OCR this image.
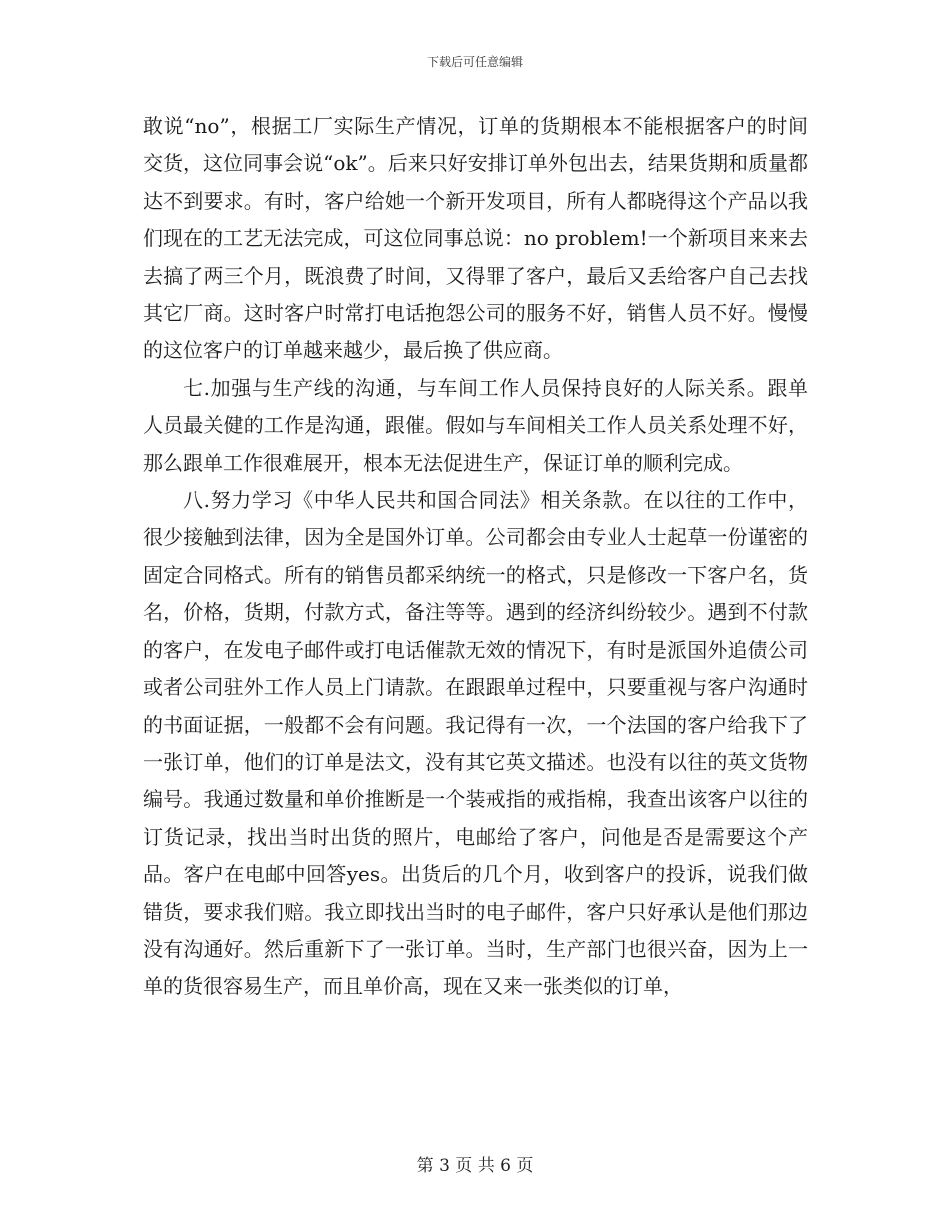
下载后可任意编辑

敢说“no”，根据工厂实际生产情况，订单的货期根本不能根据客户的时间交货，这位同事会说“ok”。后来只好安排订单外包出去，结果货期和质量都达不到要求。有时，客户给她一个新开发项目，所有人都晓得这个产品以我们现在的工艺无法完成，可这位同事总说：no problem!一个新项目来来去去搞了两三个月，既浪费了时间，又得罪了客户，最后又丢给客户自己去找其它厂商。这时客户时常打电话抱怨公司的服务不好，销售人员不好。慢慢的这位客户的订单越来越少，最后换了供应商。

七.加强与生产线的沟通，与车间工作人员保持良好的人际关系。跟单人员最关健的工作是沟通，跟催。假如与车间相关工作人员关系处理不好，那么跟单工作很难展开，根本无法促进生产，保证订单的顺利完成。

八.努力学习《中华人民共和国合同法》相关条款。在以往的工作中，很少接触到法律，因为全是国外订单。公司都会由专业人士起草一份谨密的固定合同格式。所有的销售员都采纳统一的格式，只是修改一下客户名，货名，价格，货期，付款方式，备注等等。遇到的经济纠纷较少。遇到不付款的客户，在发电子邮件或打电话催款无效的情况下，有时是派国外追债公司或者公司驻外工作人员上门请款。在跟跟单过程中，只要重视与客户沟通时的书面证据，一般都不会有问题。我记得有一次，一个法国的客户给我下了一张订单，他们的订单是法文，没有其它英文描述。也没有以往的英文货物编号。我通过数量和单价推断是一个装戒指的戒指棉，我查出该客户以往的订货记录，找出当时出货的照片，电邮给了客户，问他是否是需要这个产品。客户在电邮中回答yes。出货后的几个月，收到客户的投诉，说我们做错货，要求我们赔。我立即找出当时的电子邮件，客户只好承认是他们那边没有沟通好。然后重新下了一张订单。当时，生产部门也很兴奋，因为上一单的货很容易生产，而且单价高，现在又来一张类似的订单，

第 3 页 共 6 页
